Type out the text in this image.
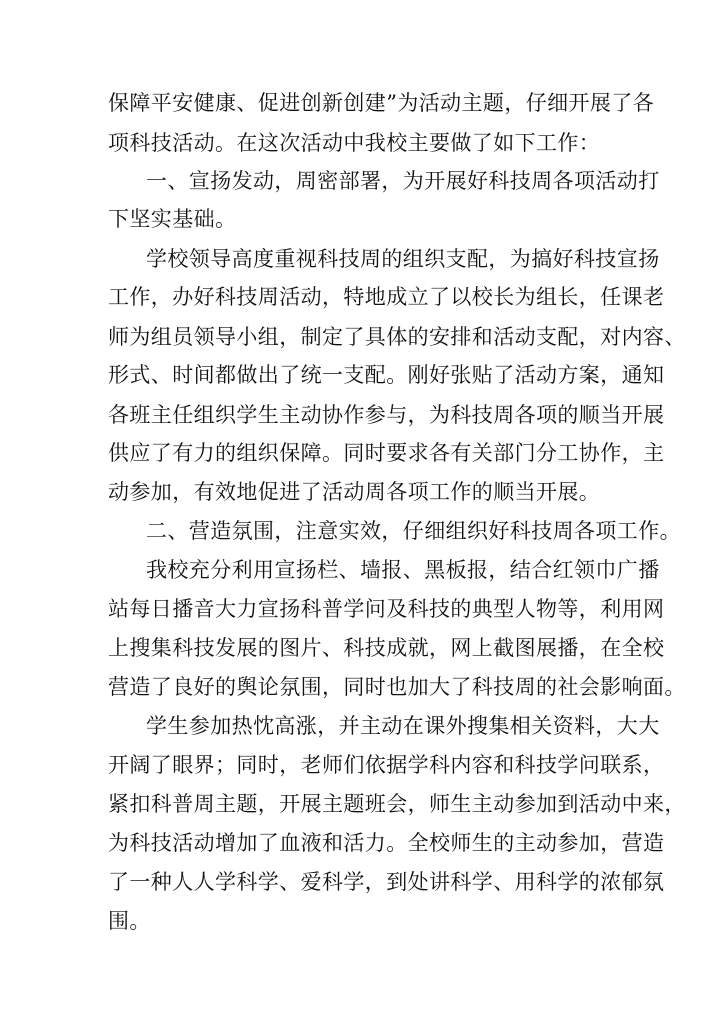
保障平安健康、促进创新创建”为活动主题，仔细开展了各
项科技活动。在这次活动中我校主要做了如下工作：
一、宣扬发动，周密部署，为开展好科技周各项活动打
下坚实基础。
学校领导高度重视科技周的组织支配，为搞好科技宣扬
工作，办好科技周活动，特地成立了以校长为组长，任课老
师为组员领导小组，制定了具体的安排和活动支配，对内容、
形式、时间都做出了统一支配。刚好张贴了活动方案，通知
各班主任组织学生主动协作参与，为科技周各项的顺当开展
供应了有力的组织保障。同时要求各有关部门分工协作，主
动参加，有效地促进了活动周各项工作的顺当开展。
二、营造氛围，注意实效，仔细组织好科技周各项工作。
我校充分利用宣扬栏、墙报、黑板报，结合红领巾广播
站每日播音大力宣扬科普学问及科技的典型人物等，利用网
上搜集科技发展的图片、科技成就，网上截图展播，在全校
营造了良好的舆论氛围，同时也加大了科技周的社会影响面。
学生参加热忱高涨，并主动在课外搜集相关资料，大大
开阔了眼界；同时，老师们依据学科内容和科技学问联系，
紧扣科普周主题，开展主题班会，师生主动参加到活动中来，
为科技活动增加了血液和活力。全校师生的主动参加，营造
了一种人人学科学、爱科学，到处讲科学、用科学的浓郁氛
围。
